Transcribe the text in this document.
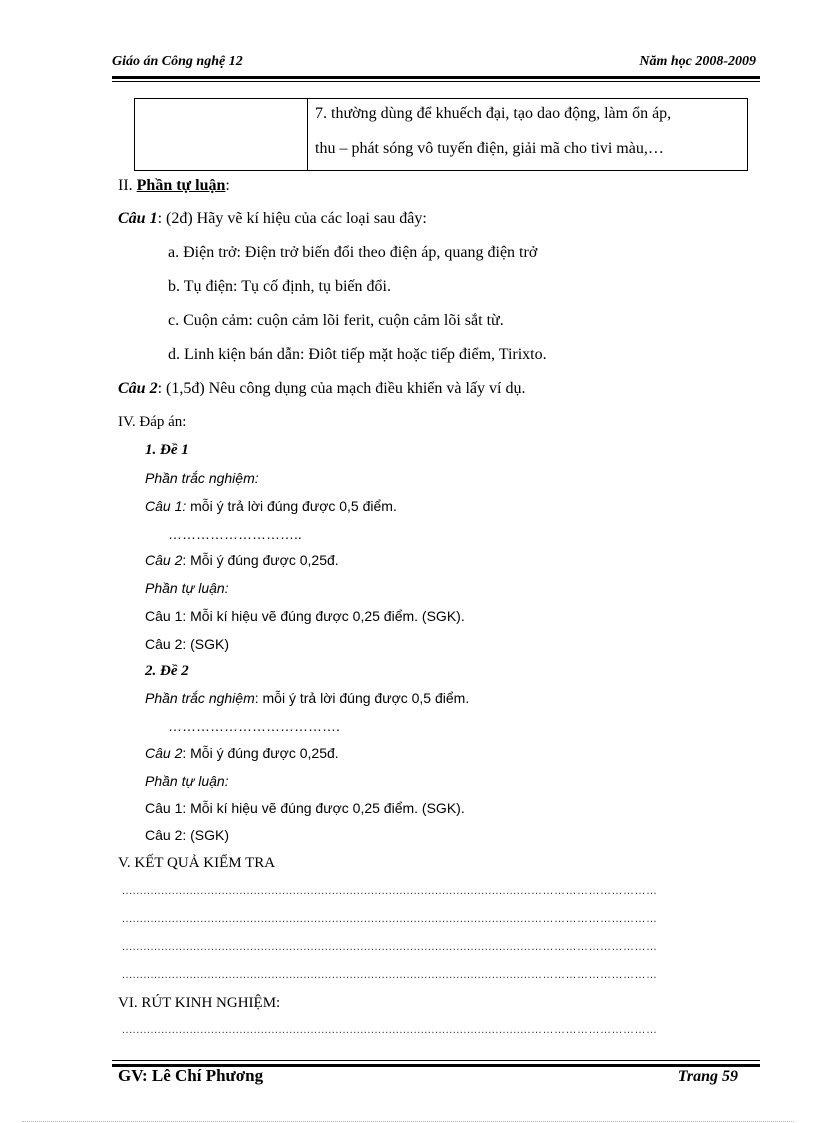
Giáo án Công nghệ 12	Năm học 2008-2009
7. thường dùng để khuếch đại, tạo dao động, làm ổn áp,
thu – phát sóng vô tuyến điện, giải mã cho tivi màu,…
II. Phần tự luận:
Câu 1: (2đ) Hãy vẽ kí hiệu của các loại sau đây:
a. Điện trở: Điện trở biến đổi theo điện áp, quang điện trở
b. Tụ điện: Tụ cố định, tụ biến đổi.
c. Cuộn cảm: cuộn cảm lõi ferit, cuộn cảm lõi sắt từ.
d. Linh kiện bán dẫn: Điôt tiếp mặt hoặc tiếp điểm, Tirixto.
Câu 2: (1,5đ) Nêu công dụng của mạch điều khiển và lấy ví dụ.
IV. Đáp án:
1. Đề 1
Phần trắc nghiệm:
Câu 1: mỗi ý trả lời đúng được 0,5 điểm.
………………………..
Câu 2: Mỗi ý đúng được 0,25đ.
Phần tự luận:
Câu 1: Mỗi kí hiệu vẽ đúng được 0,25 điểm. (SGK).
Câu 2: (SGK)
2. Đề 2
Phần trắc nghiệm: mỗi ý trả lời đúng được 0,5 điểm.
……………………………….
Câu 2: Mỗi ý đúng được 0,25đ.
Phần tự luận:
Câu 1: Mỗi kí hiệu vẽ đúng được 0,25 điểm. (SGK).
Câu 2: (SGK)
V. KẾT QUẢ KIỂM TRA
...................................................................................................................……………………………
...................................................................................................................……………………………
...................................................................................................................……………………………
...................................................................................................................……………………………
VI. RÚT KINH NGHIỆM:
...................................................................................................................……………………………
GV: Lê Chí Phương	Trang 59
